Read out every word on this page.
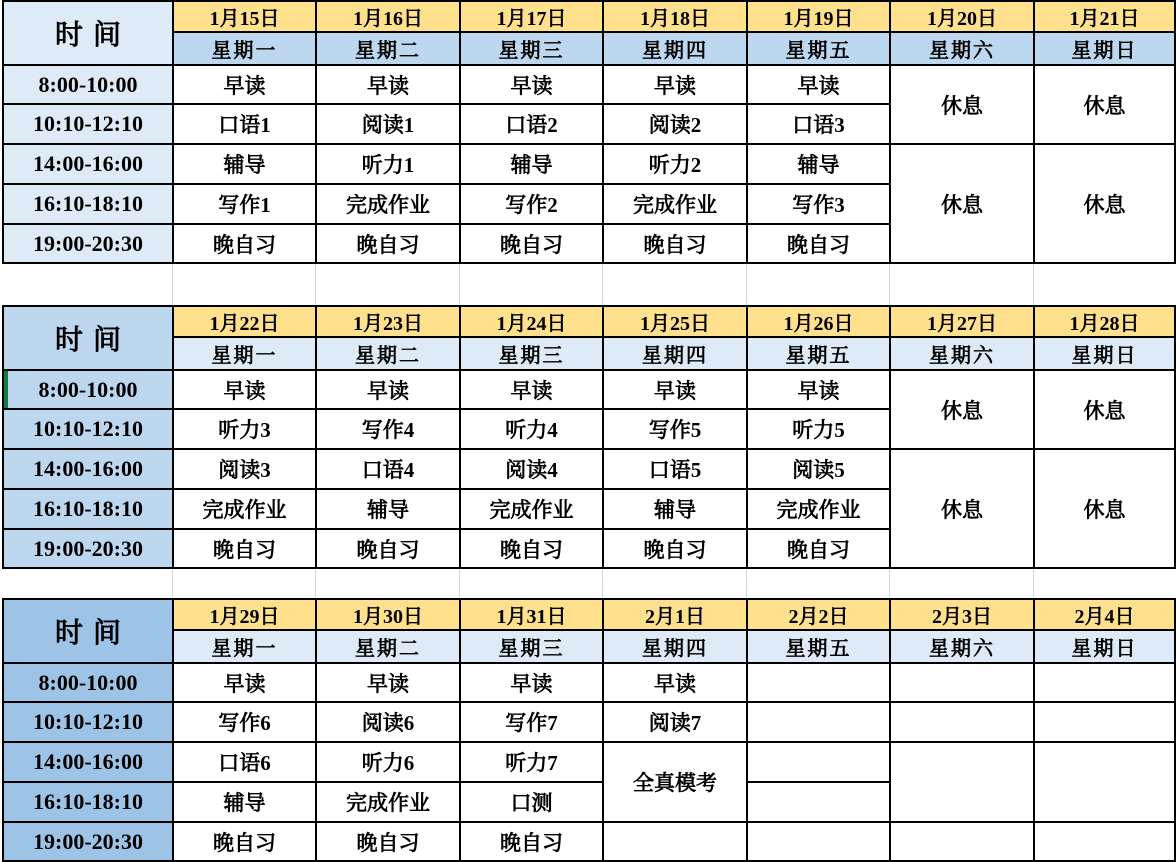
时间	1月15日	1月16日	1月17日	1月18日	1月19日	1月20日	1月21日
	星期一	星期二	星期三	星期四	星期五	星期六	星期日
8:00-10:00	早读	早读	早读	早读	早读	休息	休息
10:10-12:10	口语1	阅读1	口语2	阅读2	口语3		
14:00-16:00	辅导	听力1	辅导	听力2	辅导	休息	休息
16:10-18:10	写作1	完成作业	写作2	完成作业	写作3		
19:00-20:30	晚自习	晚自习	晚自习	晚自习	晚自习		
时间	1月22日	1月23日	1月24日	1月25日	1月26日	1月27日	1月28日
	星期一	星期二	星期三	星期四	星期五	星期六	星期日
8:00-10:00	早读	早读	早读	早读	早读	休息	休息
10:10-12:10	听力3	写作4	听力4	写作5	听力5		
14:00-16:00	阅读3	口语4	阅读4	口语5	阅读5	休息	休息
16:10-18:10	完成作业	辅导	完成作业	辅导	完成作业		
19:00-20:30	晚自习	晚自习	晚自习	晚自习	晚自习		
时间	1月29日	1月30日	1月31日	2月1日	2月2日	2月3日	2月4日
	星期一	星期二	星期三	星期四	星期五	星期六	星期日
8:00-10:00	早读	早读	早读	早读			
10:10-12:10	写作6	阅读6	写作7	阅读7			
14:00-16:00	口语6	听力6	听力7	全真模考			
16:10-18:10	辅导	完成作业	口测				
19:00-20:30	晚自习	晚自习	晚自习				
